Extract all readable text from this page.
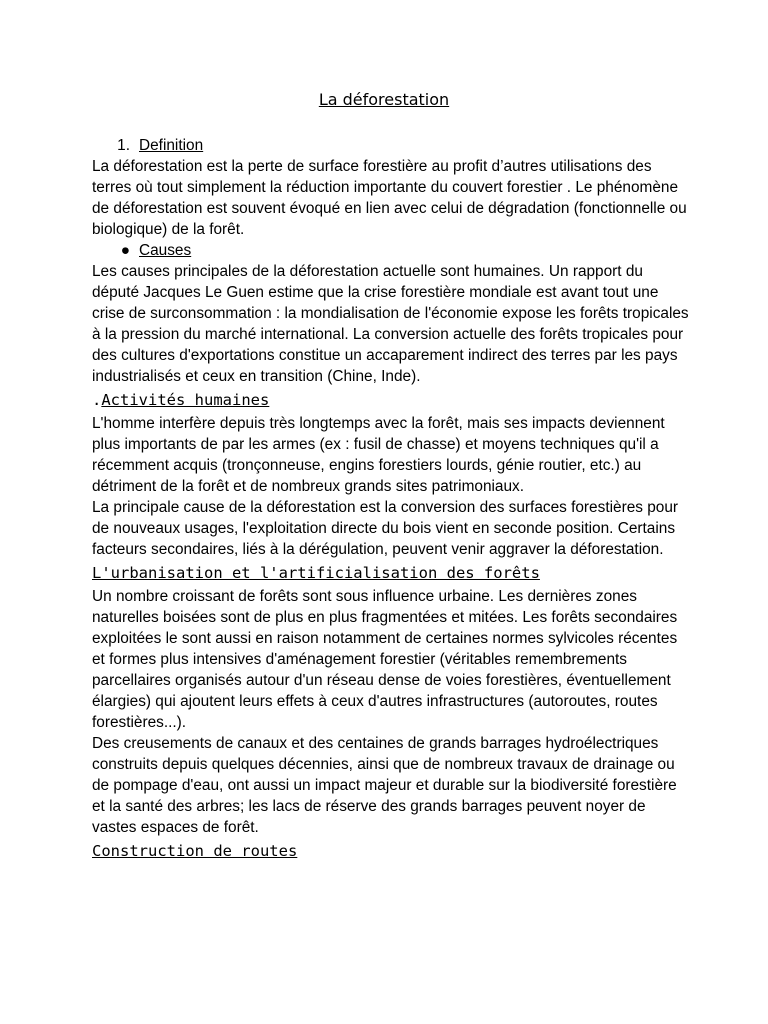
La déforestation
1. Definition

La déforestation est la perte de surface forestière au profit d’autres utilisations des terres où tout simplement la réduction importante du couvert forestier . Le phénomène de déforestation est souvent évoqué en lien avec celui de dégradation (fonctionnelle ou biologique) de la forêt.

● Causes

Les causes principales de la déforestation actuelle sont humaines. Un rapport du député Jacques Le Guen estime que la crise forestière mondiale est avant tout une crise de surconsommation : la mondialisation de l'économie expose les forêts tropicales à la pression du marché international. La conversion actuelle des forêts tropicales pour des cultures d'exportations constitue un accaparement indirect des terres par les pays industrialisés et ceux en transition (Chine, Inde).

.Activités humaines

L'homme interfère depuis très longtemps avec la forêt, mais ses impacts deviennent plus importants de par les armes (ex : fusil de chasse) et moyens techniques qu'il a récemment acquis (tronçonneuse, engins forestiers lourds, génie routier, etc.) au détriment de la forêt et de nombreux grands sites patrimoniaux.

La principale cause de la déforestation est la conversion des surfaces forestières pour de nouveaux usages, l'exploitation directe du bois vient en seconde position. Certains facteurs secondaires, liés à la dérégulation, peuvent venir aggraver la déforestation.

L'urbanisation et l'artificialisation des forêts

Un nombre croissant de forêts sont sous influence urbaine. Les dernières zones naturelles boisées sont de plus en plus fragmentées et mitées. Les forêts secondaires exploitées le sont aussi en raison notamment de certaines normes sylvicoles récentes et formes plus intensives d'aménagement forestier (véritables remembrements parcellaires organisés autour d'un réseau dense de voies forestières, éventuellement élargies) qui ajoutent leurs effets à ceux d'autres infrastructures (autoroutes, routes forestières...).

Des creusements de canaux et des centaines de grands barrages hydroélectriques construits depuis quelques décennies, ainsi que de nombreux travaux de drainage ou de pompage d'eau, ont aussi un impact majeur et durable sur la biodiversité forestière et la santé des arbres; les lacs de réserve des grands barrages peuvent noyer de vastes espaces de forêt.

Construction de routes
